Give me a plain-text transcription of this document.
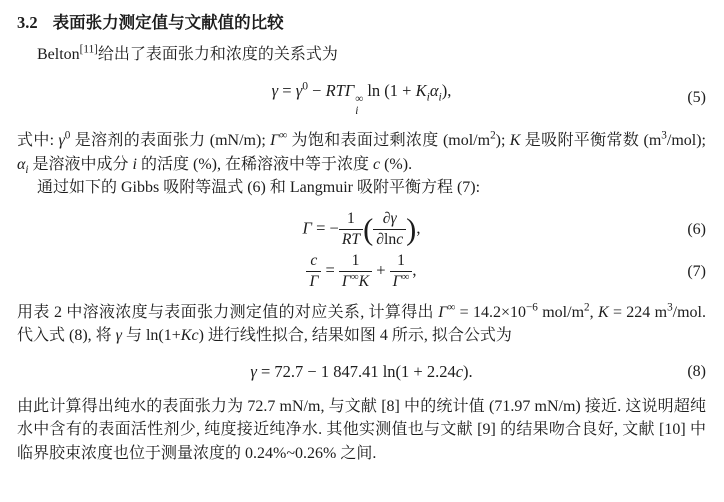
3.2 表面张力测定值与文献值的比较

Belton[11]给出了表面张力和浓度的关系式为

$\gamma = \gamma^0 - RT\Gamma$ ∞
i
$\ln (1 + K_i\alpha_i)$,	(5)

式中: $\gamma^0$ 是溶剂的表面张力 (mN/m); Γ∞ 为饱和表面过剩浓度 $(mol/m^2)$; K 是吸附平衡常数 $(m^3/mol)$; $\alpha_i$ 是溶液中成分 i 的活度 (%), 在稀溶液中等于浓度 c (%).

通过如下的 Gibbs 吸附等温式 (6) 和 Langmuir 吸附平衡方程 (7):

Γ = − $\frac{1}{RT}$ ( $\frac{\partial\gamma}{\partial\ln c}$ ),	(6)
$\frac{c}{\Gamma} = \frac{1}{\Gamma^\infty K} + \frac{1}{\Gamma^\infty}$ ,	(7)

用表 2 中溶液浓度与表面张力测定值的对应关系, 计算得出 $\Gamma^\infty = 14.2\times 10^{-6}$ mol/$m^2$, K = 224 $m^3$/mol. 代入式 (8), 将 γ 与 ln(1+Kc) 进行线性拟合, 结果如图 4 所示, 拟合公式为

γ = 72.7 − 1 847.41 ln(1 + 2.24c).	(8)

由此计算得出纯水的表面张力为 72.7 mN/m, 与文献 [8] 中的统计值 (71.97 mN/m) 接近. 这说明超纯水中含有的表面活性剂少, 纯度接近纯净水. 其他实测值也与文献 [9] 的结果吻合良好, 文献 [10] 中临界胶束浓度也位于测量浓度的 0.24%~0.26% 之间.
